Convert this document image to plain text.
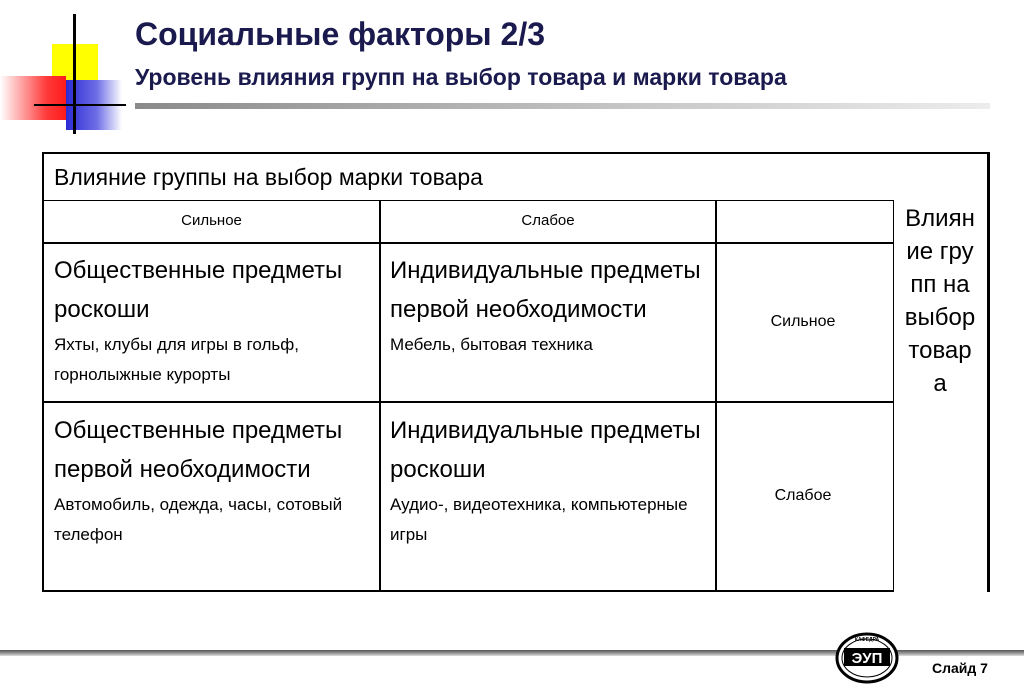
Социальные факторы 2/3
Уровень влияния групп на выбор товара и марки товара
Влияние группы на выбор марки товара
Сильное	Слабое
Общественные предметы роскоши
Яхты, клубы для игры в гольф, горнолыжные курорты
Индивидуальные предметы первой необходимости
Мебель, бытовая техника
Сильное
Общественные предметы первой необходимости
Автомобиль, одежда, часы, сотовый телефон
Индивидуальные предметы роскоши
Аудио-, видеотехника, компьютерные игры
Слабое
Влияние групп на выбор товара
КАФЕДРА
ЭУП
Слайд 7
